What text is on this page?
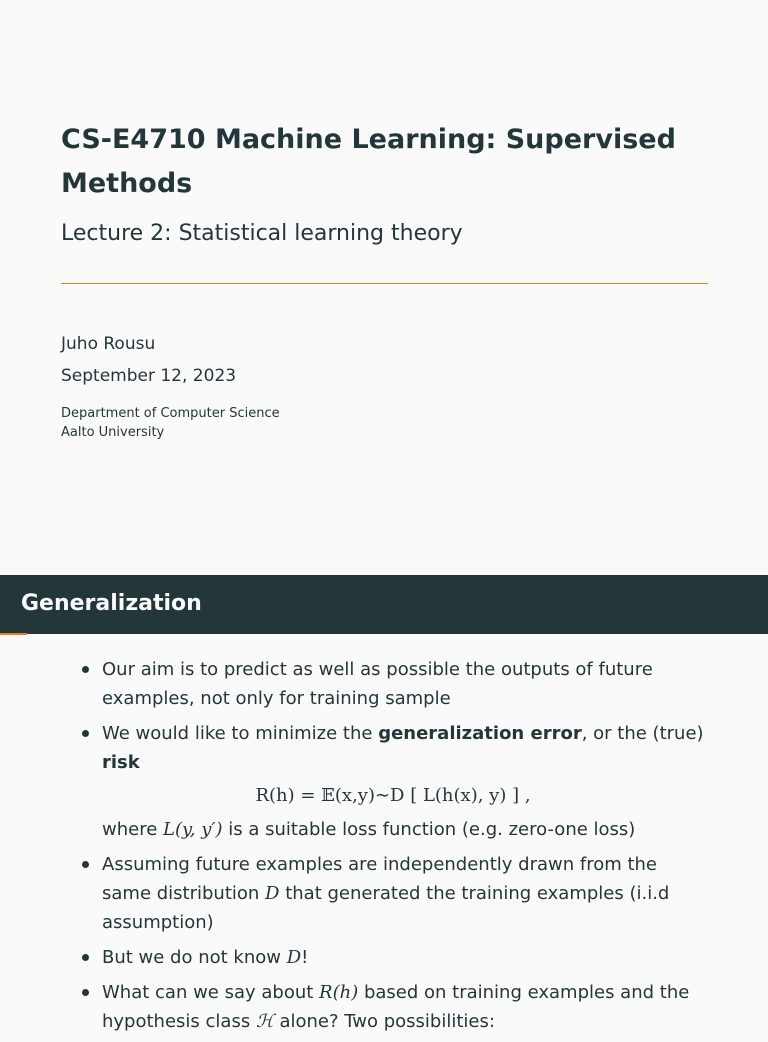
CS-E4710 Machine Learning: Supervised Methods
Lecture 2: Statistical learning theory
Juho Rousu
September 12, 2023
Department of Computer Science
Aalto University
Generalization
Our aim is to predict as well as possible the outputs of future examples, not only for training sample
We would like to minimize the generalization error, or the (true) risk
R(h) = 𝔼(x,y)∼D [ L(h(x), y) ] ,
where L(y, y′) is a suitable loss function (e.g. zero-one loss)
Assuming future examples are independently drawn from the same distribution D that generated the training examples (i.i.d assumption)
But we do not know D!
What can we say about R(h) based on training examples and the hypothesis class ℋ alone? Two possibilities:
